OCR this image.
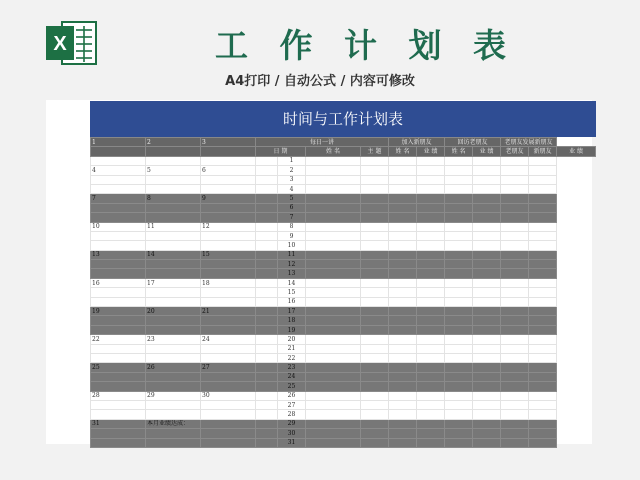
X	工 作 计 划 表
A4打印 / 自动公式 / 内容可修改
时间与工作计划表
1	2	3	每日一讲				加入新朋友		回访老朋友		老朋友发展新朋友		
			日 期		姓 名	主 题	姓 名	业 绩	姓 名	业 绩	老朋友	新朋友	业 绩
				1									
4	5	6		2									
				3									
				4									
7	8	9		5									
				6									
				7									
10	11	12		8									
				9									
				10									
13	14	15		11									
				12									
				13									
16	17	18		14									
				15									
				16									
19	20	21		17									
				18									
				19									
22	23	24		20									
				21									
				22									
25	26	27		23									
				24									
				25									
28	29	30		26									
				27									
				28									
31	本月业绩达成：			29									
				30									
				31									
